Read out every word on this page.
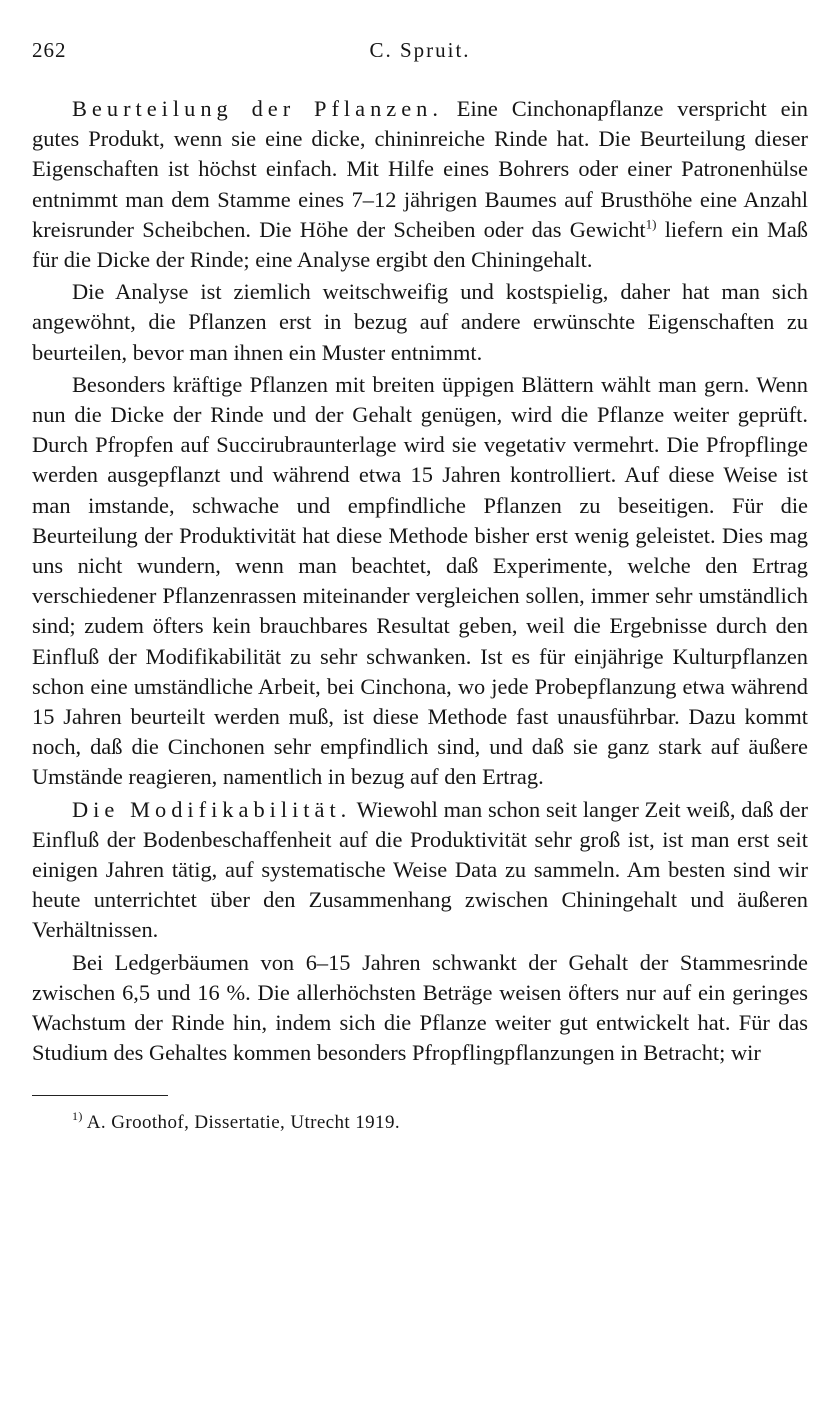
262	C. Spruit.

Beurteilung der Pflanzen. Eine Cinchonapflanze verspricht ein gutes Produkt, wenn sie eine dicke, chininreiche Rinde hat. Die Beurteilung dieser Eigenschaften ist höchst einfach. Mit Hilfe eines Bohrers oder einer Patronenhülse entnimmt man dem Stamme eines 7–12 jährigen Baumes auf Brusthöhe eine Anzahl kreisrunder Scheibchen. Die Höhe der Scheiben oder das Gewicht$^{1)}$ liefern ein Maß für die Dicke der Rinde; eine Analyse ergibt den Chiningehalt.

Die Analyse ist ziemlich weitschweifig und kostspielig, daher hat man sich angewöhnt, die Pflanzen erst in bezug auf andere erwünschte Eigenschaften zu beurteilen, bevor man ihnen ein Muster entnimmt.

Besonders kräftige Pflanzen mit breiten üppigen Blättern wählt man gern. Wenn nun die Dicke der Rinde und der Gehalt genügen, wird die Pflanze weiter geprüft. Durch Pfropfen auf Succirubraunterlage wird sie vegetativ vermehrt. Die Pfropflinge werden ausgepflanzt und während etwa 15 Jahren kontrolliert. Auf diese Weise ist man imstande, schwache und empfindliche Pflanzen zu beseitigen. Für die Beurteilung der Produktivität hat diese Methode bisher erst wenig geleistet. Dies mag uns nicht wundern, wenn man beachtet, daß Experimente, welche den Ertrag verschiedener Pflanzenrassen miteinander vergleichen sollen, immer sehr umständlich sind; zudem öfters kein brauchbares Resultat geben, weil die Ergebnisse durch den Einfluß der Modifikabilität zu sehr schwanken. Ist es für einjährige Kulturpflanzen schon eine umständliche Arbeit, bei Cinchona, wo jede Probepflanzung etwa während 15 Jahren beurteilt werden muß, ist diese Methode fast unausführbar. Dazu kommt noch, daß die Cinchonen sehr empfindlich sind, und daß sie ganz stark auf äußere Umstände reagieren, namentlich in bezug auf den Ertrag.

Die Modifikabilität. Wiewohl man schon seit langer Zeit weiß, daß der Einfluß der Bodenbeschaffenheit auf die Produktivität sehr groß ist, ist man erst seit einigen Jahren tätig, auf systematische Weise Data zu sammeln. Am besten sind wir heute unterrichtet über den Zusammenhang zwischen Chiningehalt und äußeren Verhältnissen.

Bei Ledgerbäumen von 6–15 Jahren schwankt der Gehalt der Stammesrinde zwischen 6,5 und 16 %. Die allerhöchsten Beträge weisen öfters nur auf ein geringes Wachstum der Rinde hin, indem sich die Pflanze weiter gut entwickelt hat. Für das Studium des Gehaltes kommen besonders Pfropflingpflanzungen in Betracht; wir

$^{1)}$ A. Groothof, Dissertatie, Utrecht 1919.
